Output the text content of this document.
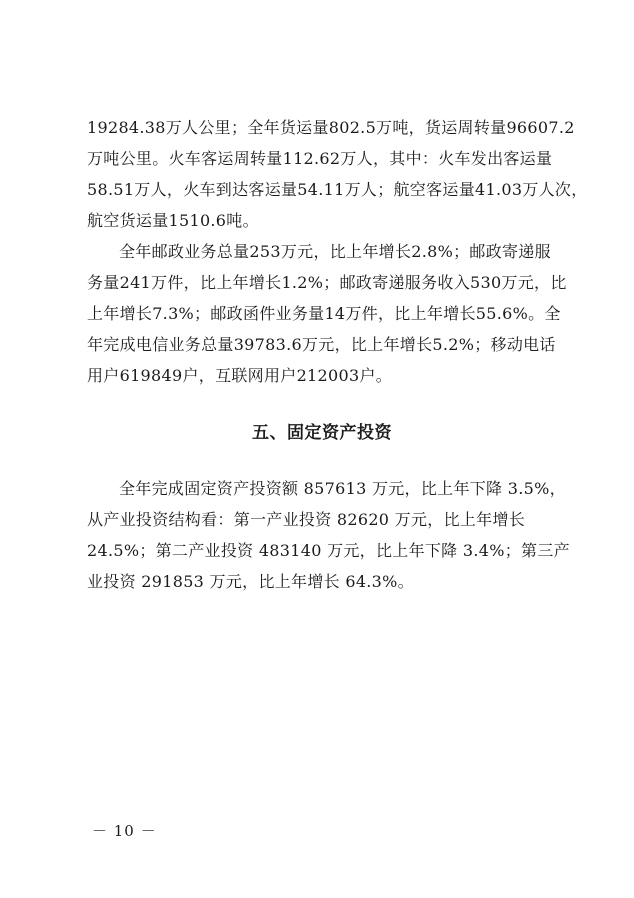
19284.38万人公里；全年货运量802.5万吨，货运周转量96607.2
万吨公里。火车客运周转量112.62万人，其中：火车发出客运量
58.51万人，火车到达客运量54.11万人；航空客运量41.03万人次，
航空货运量1510.6吨。
全年邮政业务总量253万元，比上年增长2.8%；邮政寄递服
务量241万件，比上年增长1.2%；邮政寄递服务收入530万元，比
上年增长7.3%；邮政函件业务量14万件，比上年增长55.6%。全
年完成电信业务总量39783.6万元，比上年增长5.2%；移动电话
用户619849户，互联网用户212003户。
五、固定资产投资
全年完成固定资产投资额 857613 万元，比上年下降 3.5%，
从产业投资结构看：第一产业投资 82620 万元，比上年增长
24.5%；第二产业投资 483140 万元，比上年下降 3.4%；第三产
业投资 291853 万元，比上年增长 64.3%。
－ 10 －
